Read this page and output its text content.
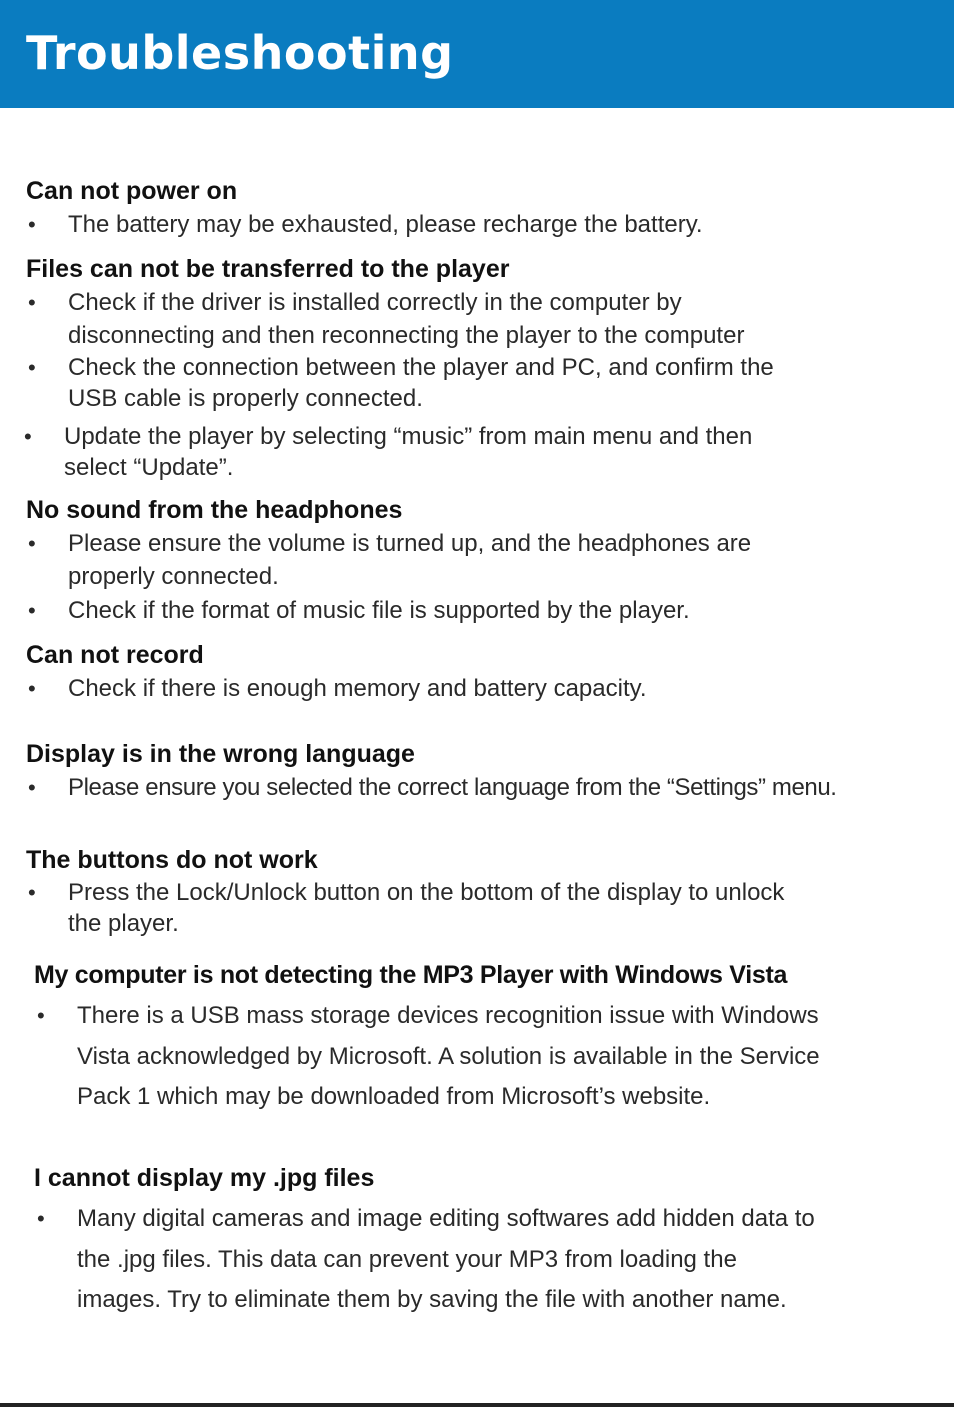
Troubleshooting
Can not power on

• The battery may be exhausted, please recharge the battery.

Files can not be transferred to the player

• Check if the driver is installed correctly in the computer by disconnecting and then reconnecting the player to the computer

• Check the connection between the player and PC, and confirm the USB cable is properly connected.

• Update the player by selecting “music” from main menu and then select “Update”.

No sound from the headphones

• Please ensure the volume is turned up, and the headphones are properly connected.

• Check if the format of music file is supported by the player.

Can not record

• Check if there is enough memory and battery capacity.

Display is in the wrong language

• Please ensure you selected the correct language from the “Settings” menu.

The buttons do not work

• Press the Lock/Unlock button on the bottom of the display to unlock the player.

My computer is not detecting the MP3 Player with Windows Vista

• There is a USB mass storage devices recognition issue with Windows Vista acknowledged by Microsoft. A solution is available in the Service Pack 1 which may be downloaded from Microsoft’s website.

I cannot display my .jpg files

• Many digital cameras and image editing softwares add hidden data to the .jpg files. This data can prevent your MP3 from loading the images. Try to eliminate them by saving the file with another name.
